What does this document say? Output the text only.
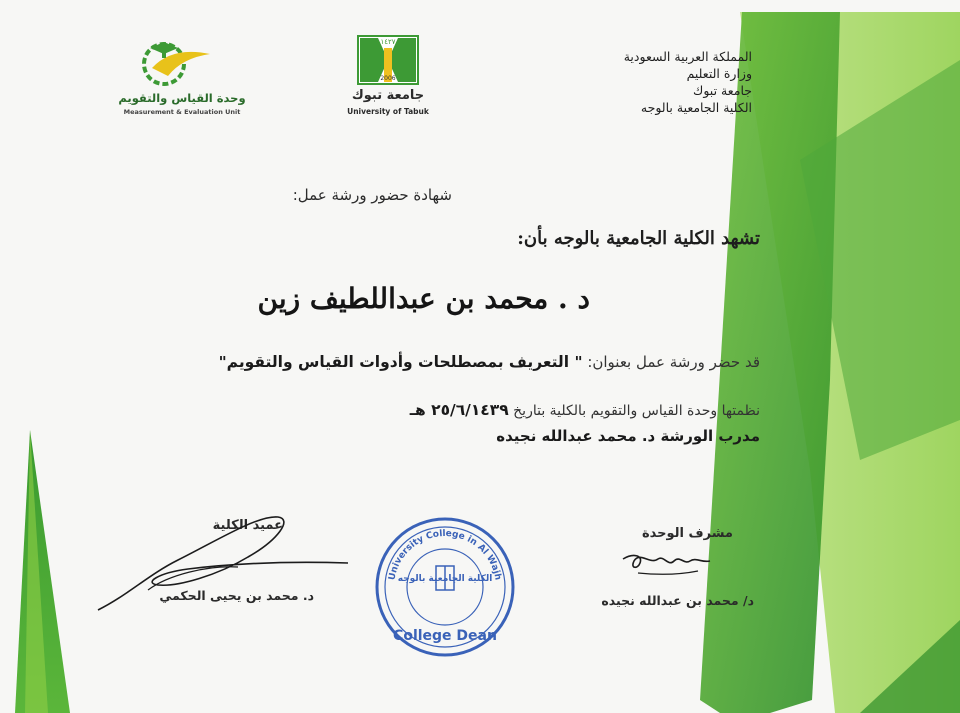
المملكة العربية السعودية
وزارة التعليم
جامعة تبوك
الكلية الجامعية بالوجه
١٤٢٧
2006
جامعة تبوك
University of Tabuk
وحدة القياس والتقويم
Measurement & Evaluation Unit
شهادة حضور ورشة عمل:
تشهد الكلية الجامعية بالوجه بأن:
د . محمد بن عبداللطيف زين
قد حضر ورشة عمل بعنوان: " التعريف بمصطلحات وأدوات القياس والتقويم"
نظمتها وحدة القياس والتقويم بالكلية بتاريخ ٢٥/٦/١٤٣٩ هـ
مدرب الورشة د. محمد عبدالله نجيده
عميد الكلية
د. محمد بن يحيى الحكمي
مشرف الوحدة
د/ محمد بن عبدالله نجيده
University College in Al Wajh
الكلية الجامعية بالوجه
College Dean
